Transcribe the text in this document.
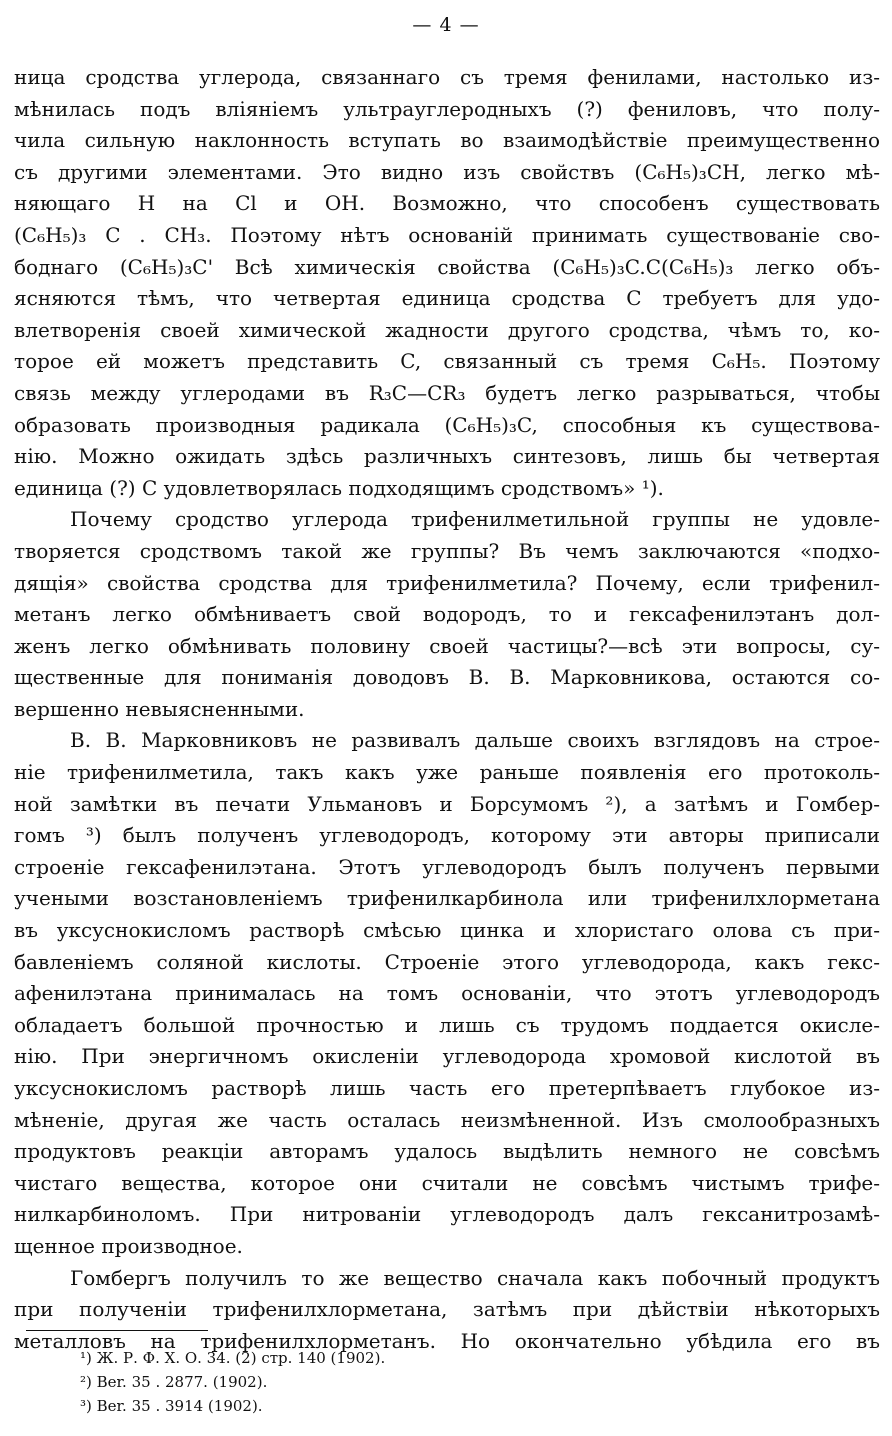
— 4 —
ница сродства углерода, связаннаго съ тремя фенилами, настолько из-
мѣнилась подъ вліяніемъ ультрауглеродныхъ (?) фениловъ, что полу-
чила сильную наклонность вступать во взаимодѣйствіе преимущественно
съ другими элементами. Это видно изъ свойствъ (C₆H₅)₃CH, легко мѣ-
няющаго H на Cl и OH. Возможно, что способенъ существовать
(C₆H₅)₃ C . CH₃. Поэтому нѣтъ основаній принимать существованіе сво-
боднаго (C₆H₅)₃C' Всѣ химическія свойства (C₆H₅)₃C.C(C₆H₅)₃ легко объ-
ясняются тѣмъ, что четвертая единица сродства C требуетъ для удо-
влетворенія своей химической жадности другого сродства, чѣмъ то, ко-
торое ей можетъ представить C, связанный съ тремя C₆H₅. Поэтому
связь между углеродами въ R₃C—CR₃ будетъ легко разрываться, чтобы
образовать производныя радикала (C₆H₅)₃C, способныя къ существова-
нію. Можно ожидать здѣсь различныхъ синтезовъ, лишь бы четвертая
единица (?) C удовлетворялась подходящимъ сродствомъ» ¹).
Почему сродство углерода трифенилметильной группы не удовле-
творяется сродствомъ такой же группы? Въ чемъ заключаются «подхо-
дящія» свойства сродства для трифенилметила? Почему, если трифенил-
метанъ легко обмѣниваетъ свой водородъ, то и гексафенилэтанъ дол-
женъ легко обмѣнивать половину своей частицы?—всѣ эти вопросы, су-
щественные для пониманія доводовъ В. В. Марковникова, остаются со-
вершенно невыясненными.
В. В. Марковниковъ не развивалъ дальше своихъ взглядовъ на строе-
ніе трифенилметила, такъ какъ уже раньше появленія его протоколь-
ной замѣтки въ печати Ульмановъ и Борсумомъ ²), а затѣмъ и Гомбер-
гомъ ³) былъ полученъ углеводородъ, которому эти авторы приписали
строеніе гексафенилэтана. Этотъ углеводородъ былъ полученъ первыми
учеными возстановленіемъ трифенилкарбинола или трифенилхлорметана
въ уксуснокисломъ растворѣ смѣсью цинка и хлористаго олова съ при-
бавленіемъ соляной кислоты. Строеніе этого углеводорода, какъ гекс-
афенилэтана принималась на томъ основаніи, что этотъ углеводородъ
обладаетъ большой прочностью и лишь съ трудомъ поддается окисле-
нію. При энергичномъ окисленіи углеводорода хромовой кислотой въ
уксуснокисломъ растворѣ лишь часть его претерпѣваетъ глубокое из-
мѣненіе, другая же часть осталась неизмѣненной. Изъ смолообразныхъ
продуктовъ реакціи авторамъ удалось выдѣлить немного не совсѣмъ
чистаго вещества, которое они считали не совсѣмъ чистымъ трифе-
нилкарбиноломъ. При нитрованіи углеводородъ далъ гексанитрозамѣ-
щенное производное.
Гомбергъ получилъ то же вещество сначала какъ побочный продуктъ
при полученіи трифенилхлорметана, затѣмъ при дѣйствіи нѣкоторыхъ
металловъ на трифенилхлорметанъ. Но окончательно убѣдила его въ
¹) Ж. Р. Ф. Х. О. 34. (2) стр. 140 (1902).
²) Ber. 35 . 2877. (1902).
³) Ber. 35 . 3914 (1902).
